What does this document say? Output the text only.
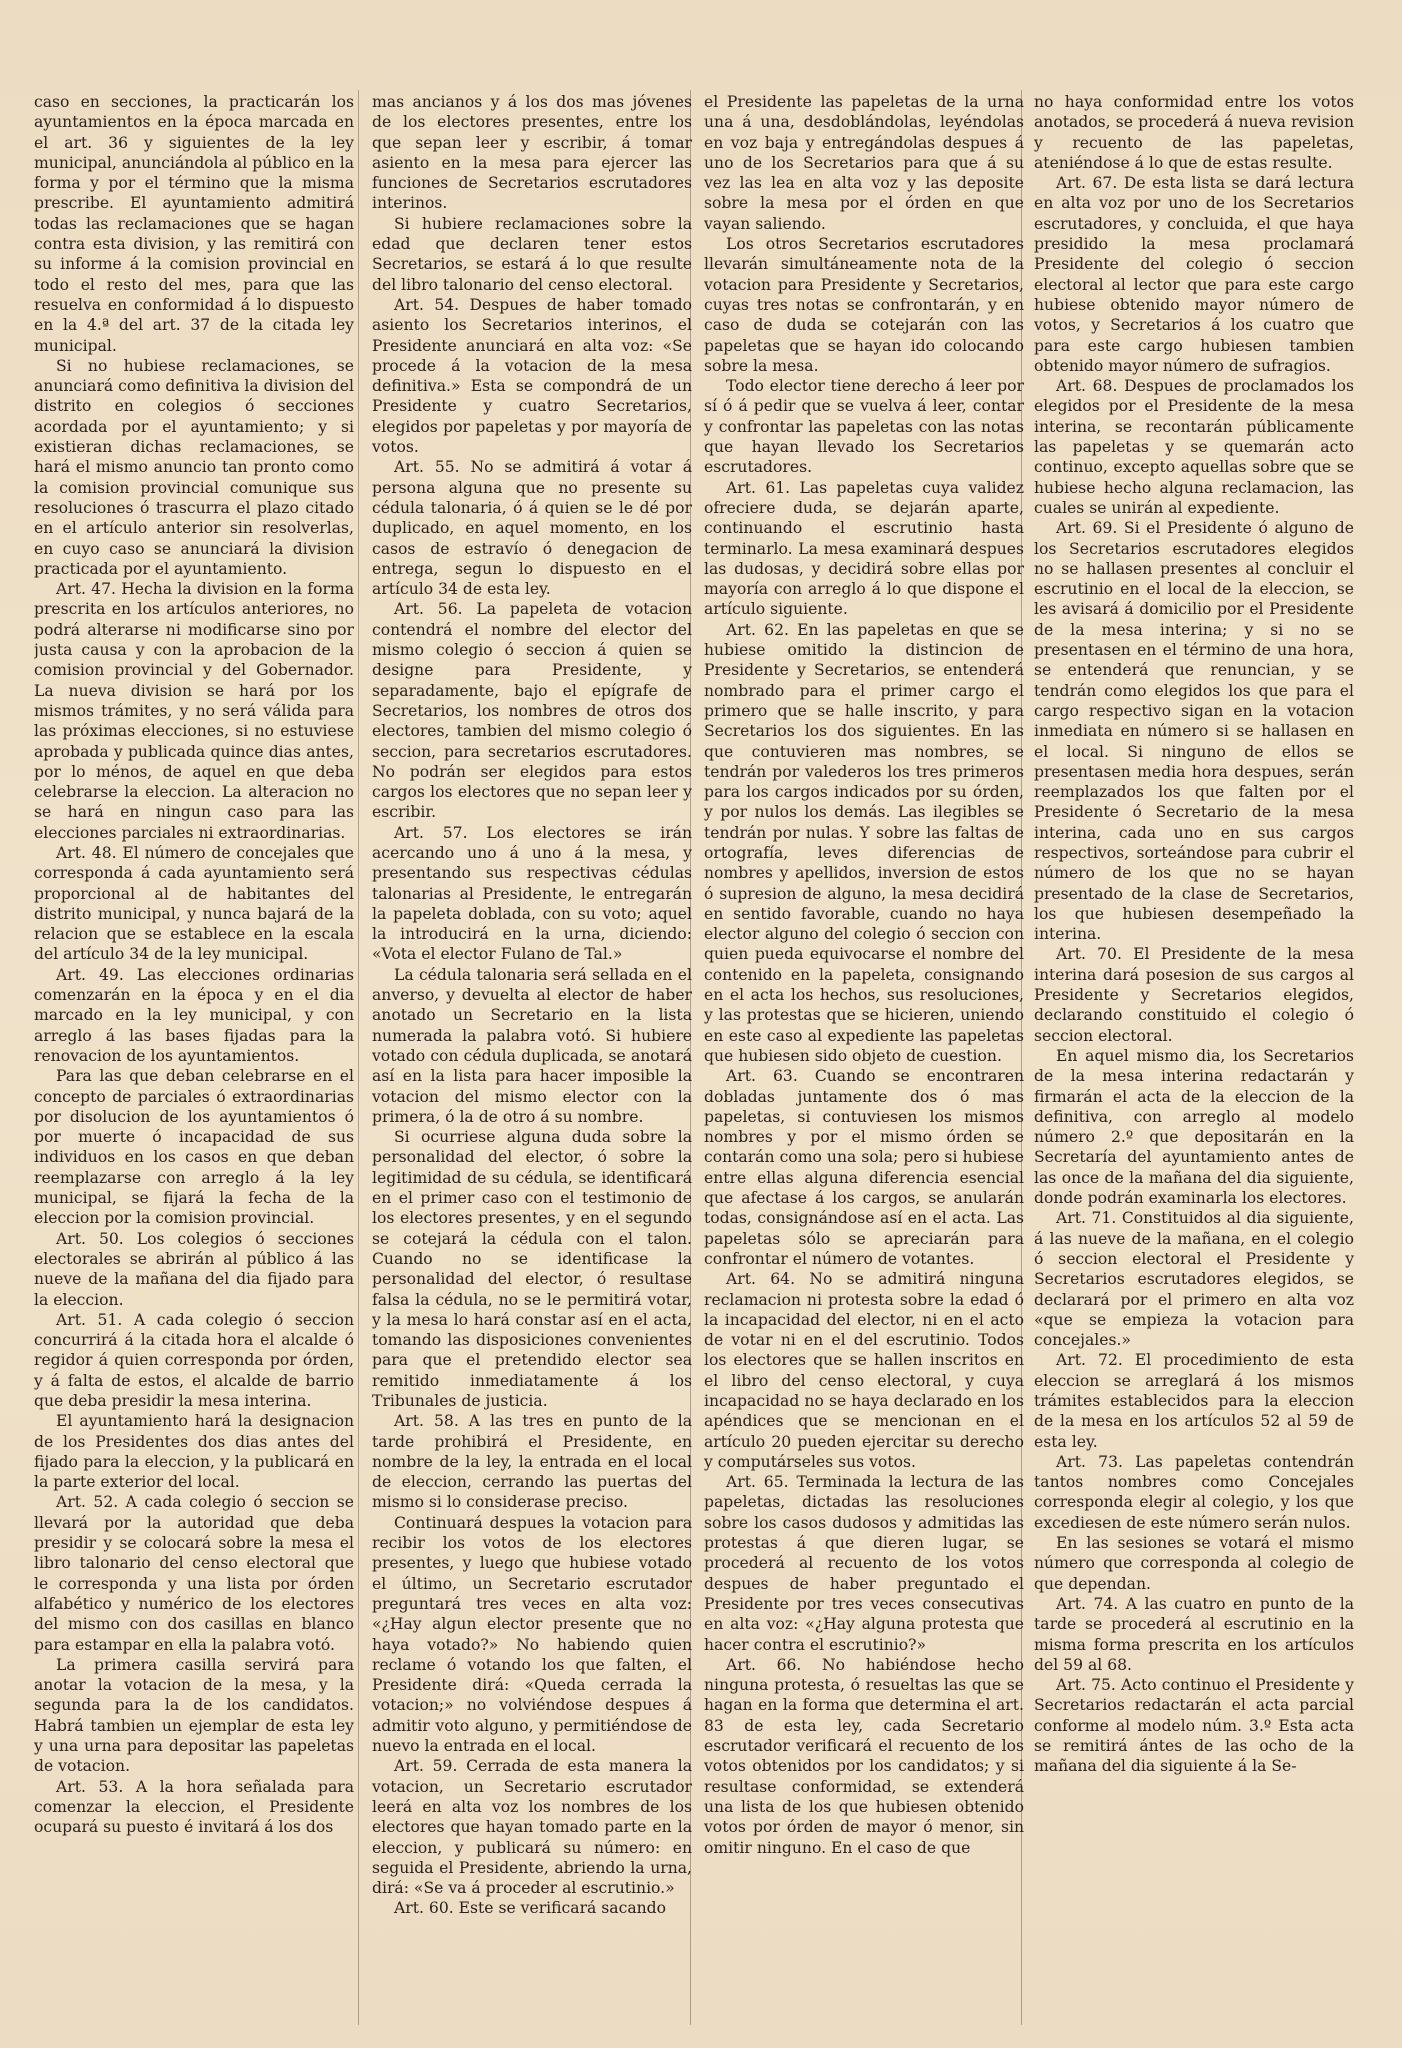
caso en secciones, la practicarán los ayuntamientos en la época marcada en el art. 36 y siguientes de la ley municipal, anunciándola al público en la forma y por el término que la misma prescribe. El ayuntamiento admitirá todas las reclamaciones que se hagan contra esta division, y las remitirá con su informe á la comision provincial en todo el resto del mes, para que las resuelva en conformidad á lo dispuesto en la 4.ª del art. 37 de la citada ley municipal.

Si no hubiese reclamaciones, se anunciará como definitiva la division del distrito en colegios ó secciones acordada por el ayuntamiento; y si existieran dichas reclamaciones, se hará el mismo anuncio tan pronto como la comision provincial comunique sus resoluciones ó trascurra el plazo citado en el artículo anterior sin resolverlas, en cuyo caso se anunciará la division practicada por el ayuntamiento.

Art. 47. Hecha la division en la forma prescrita en los artículos anteriores, no podrá alterarse ni modificarse sino por justa causa y con la aprobacion de la comision provincial y del Gobernador. La nueva division se hará por los mismos trámites, y no será válida para las próximas elecciones, si no estuviese aprobada y publicada quince dias antes, por lo ménos, de aquel en que deba celebrarse la eleccion. La alteracion no se hará en ningun caso para las elecciones parciales ni extraordinarias.

Art. 48. El número de concejales que corresponda á cada ayuntamiento será proporcional al de habitantes del distrito municipal, y nunca bajará de la relacion que se establece en la escala del artículo 34 de la ley municipal.

Art. 49. Las elecciones ordinarias comenzarán en la época y en el dia marcado en la ley municipal, y con arreglo á las bases fijadas para la renovacion de los ayuntamientos.

Para las que deban celebrarse en el concepto de parciales ó extraordinarias por disolucion de los ayuntamientos ó por muerte ó incapacidad de sus individuos en los casos en que deban reemplazarse con arreglo á la ley municipal, se fijará la fecha de la eleccion por la comision provincial.

Art. 50. Los colegios ó secciones electorales se abrirán al público á las nueve de la mañana del dia fijado para la eleccion.

Art. 51. A cada colegio ó seccion concurrirá á la citada hora el alcalde ó regidor á quien corresponda por órden, y á falta de estos, el alcalde de barrio que deba presidir la mesa interina.

El ayuntamiento hará la designacion de los Presidentes dos dias antes del fijado para la eleccion, y la publicará en la parte exterior del local.

Art. 52. A cada colegio ó seccion se llevará por la autoridad que deba presidir y se colocará sobre la mesa el libro talonario del censo electoral que le corresponda y una lista por órden alfabético y numérico de los electores del mismo con dos casillas en blanco para estampar en ella la palabra votó.

La primera casilla servirá para anotar la votacion de la mesa, y la segunda para la de los candidatos. Habrá tambien un ejemplar de esta ley y una urna para depositar las papeletas de votacion.

Art. 53. A la hora señalada para comenzar la eleccion, el Presidente ocupará su puesto é invitará á los dos

mas ancianos y á los dos mas jóvenes de los electores presentes, entre los que sepan leer y escribir, á tomar asiento en la mesa para ejercer las funciones de Secretarios escrutadores interinos.

Si hubiere reclamaciones sobre la edad que declaren tener estos Secretarios, se estará á lo que resulte del libro talonario del censo electoral.

Art. 54. Despues de haber tomado asiento los Secretarios interinos, el Presidente anunciará en alta voz: «Se procede á la votacion de la mesa definitiva.» Esta se compondrá de un Presidente y cuatro Secretarios, elegidos por papeletas y por mayoría de votos.

Art. 55. No se admitirá á votar á persona alguna que no presente su cédula talonaria, ó á quien se le dé por duplicado, en aquel momento, en los casos de estravío ó denegacion de entrega, segun lo dispuesto en el artículo 34 de esta ley.

Art. 56. La papeleta de votacion contendrá el nombre del elector del mismo colegio ó seccion á quien se designe para Presidente, y separadamente, bajo el epígrafe de Secretarios, los nombres de otros dos electores, tambien del mismo colegio ó seccion, para secretarios escrutadores. No podrán ser elegidos para estos cargos los electores que no sepan leer y escribir.

Art. 57. Los electores se irán acercando uno á uno á la mesa, y presentando sus respectivas cédulas talonarias al Presidente, le entregarán la papeleta doblada, con su voto; aquel la introducirá en la urna, diciendo: «Vota el elector Fulano de Tal.»

La cédula talonaria será sellada en el anverso, y devuelta al elector de haber anotado un Secretario en la lista numerada la palabra votó. Si hubiere votado con cédula duplicada, se anotará así en la lista para hacer imposible la votacion del mismo elector con la primera, ó la de otro á su nombre.

Si ocurriese alguna duda sobre la personalidad del elector, ó sobre la legitimidad de su cédula, se identificará en el primer caso con el testimonio de los electores presentes, y en el segundo se cotejará la cédula con el talon. Cuando no se identificase la personalidad del elector, ó resultase falsa la cédula, no se le permitirá votar, y la mesa lo hará constar así en el acta, tomando las disposiciones convenientes para que el pretendido elector sea remitido inmediatamente á los Tribunales de justicia.

Art. 58. A las tres en punto de la tarde prohibirá el Presidente, en nombre de la ley, la entrada en el local de eleccion, cerrando las puertas del mismo si lo considerase preciso.

Continuará despues la votacion para recibir los votos de los electores presentes, y luego que hubiese votado el último, un Secretario escrutador preguntará tres veces en alta voz: «¿Hay algun elector presente que no haya votado?» No habiendo quien reclame ó votando los que falten, el Presidente dirá: «Queda cerrada la votacion;» no volviéndose despues á admitir voto alguno, y permitiéndose de nuevo la entrada en el local.

Art. 59. Cerrada de esta manera la votacion, un Secretario escrutador leerá en alta voz los nombres de los electores que hayan tomado parte en la eleccion, y publicará su número: en seguida el Presidente, abriendo la urna, dirá: «Se va á proceder al escrutinio.»

Art. 60. Este se verificará sacando

el Presidente las papeletas de la urna una á una, desdoblándolas, leyéndolas en voz baja y entregándolas despues á uno de los Secretarios para que á su vez las lea en alta voz y las deposite sobre la mesa por el órden en que vayan saliendo.

Los otros Secretarios escrutadores llevarán simultáneamente nota de la votacion para Presidente y Secretarios, cuyas tres notas se confrontarán, y en caso de duda se cotejarán con las papeletas que se hayan ido colocando sobre la mesa.

Todo elector tiene derecho á leer por sí ó á pedir que se vuelva á leer, contar y confrontar las papeletas con las notas que hayan llevado los Secretarios escrutadores.

Art. 61. Las papeletas cuya validez ofreciere duda, se dejarán aparte, continuando el escrutinio hasta terminarlo. La mesa examinará despues las dudosas, y decidirá sobre ellas por mayoría con arreglo á lo que dispone el artículo siguiente.

Art. 62. En las papeletas en que se hubiese omitido la distincion de Presidente y Secretarios, se entenderá nombrado para el primer cargo el primero que se halle inscrito, y para Secretarios los dos siguientes. En las que contuvieren mas nombres, se tendrán por valederos los tres primeros para los cargos indicados por su órden, y por nulos los demás. Las ilegibles se tendrán por nulas. Y sobre las faltas de ortografía, leves diferencias de nombres y apellidos, inversion de estos ó supresion de alguno, la mesa decidirá en sentido favorable, cuando no haya elector alguno del colegio ó seccion con quien pueda equivocarse el nombre del contenido en la papeleta, consignando en el acta los hechos, sus resoluciones, y las protestas que se hicieren, uniendo en este caso al expediente las papeletas que hubiesen sido objeto de cuestion.

Art. 63. Cuando se encontraren dobladas juntamente dos ó mas papeletas, si contuviesen los mismos nombres y por el mismo órden se contarán como una sola; pero si hubiese entre ellas alguna diferencia esencial que afectase á los cargos, se anularán todas, consignándose así en el acta. Las papeletas sólo se apreciarán para confrontar el número de votantes.

Art. 64. No se admitirá ninguna reclamacion ni protesta sobre la edad ó la incapacidad del elector, ni en el acto de votar ni en el del escrutinio. Todos los electores que se hallen inscritos en el libro del censo electoral, y cuya incapacidad no se haya declarado en los apéndices que se mencionan en el artículo 20 pueden ejercitar su derecho y computárseles sus votos.

Art. 65. Terminada la lectura de las papeletas, dictadas las resoluciones sobre los casos dudosos y admitidas las protestas á que dieren lugar, se procederá al recuento de los votos despues de haber preguntado el Presidente por tres veces consecutivas en alta voz: «¿Hay alguna protesta que hacer contra el escrutinio?»

Art. 66. No habiéndose hecho ninguna protesta, ó resueltas las que se hagan en la forma que determina el art. 83 de esta ley, cada Secretario escrutador verificará el recuento de los votos obtenidos por los candidatos; y si resultase conformidad, se extenderá una lista de los que hubiesen obtenido votos por órden de mayor ó menor, sin omitir ninguno. En el caso de que

no haya conformidad entre los votos anotados, se procederá á nueva revision y recuento de las papeletas, ateniéndose á lo que de estas resulte.

Art. 67. De esta lista se dará lectura en alta voz por uno de los Secretarios escrutadores, y concluida, el que haya presidido la mesa proclamará Presidente del colegio ó seccion electoral al lector que para este cargo hubiese obtenido mayor número de votos, y Secretarios á los cuatro que para este cargo hubiesen tambien obtenido mayor número de sufragios.

Art. 68. Despues de proclamados los elegidos por el Presidente de la mesa interina, se recontarán públicamente las papeletas y se quemarán acto continuo, excepto aquellas sobre que se hubiese hecho alguna reclamacion, las cuales se unirán al expediente.

Art. 69. Si el Presidente ó alguno de los Secretarios escrutadores elegidos no se hallasen presentes al concluir el escrutinio en el local de la eleccion, se les avisará á domicilio por el Presidente de la mesa interina; y si no se presentasen en el término de una hora, se entenderá que renuncian, y se tendrán como elegidos los que para el cargo respectivo sigan en la votacion inmediata en número si se hallasen en el local. Si ninguno de ellos se presentasen media hora despues, serán reemplazados los que falten por el Presidente ó Secretario de la mesa interina, cada uno en sus cargos respectivos, sorteándose para cubrir el número de los que no se hayan presentado de la clase de Secretarios, los que hubiesen desempeñado la interina.

Art. 70. El Presidente de la mesa interina dará posesion de sus cargos al Presidente y Secretarios elegidos, declarando constituido el colegio ó seccion electoral.

En aquel mismo dia, los Secretarios de la mesa interina redactarán y firmarán el acta de la eleccion de la definitiva, con arreglo al modelo número 2.º que depositarán en la Secretaría del ayuntamiento antes de las once de la mañana del dia siguiente, donde podrán examinarla los electores.

Art. 71. Constituidos al dia siguiente, á las nueve de la mañana, en el colegio ó seccion electoral el Presidente y Secretarios escrutadores elegidos, se declarará por el primero en alta voz «que se empieza la votacion para concejales.»

Art. 72. El procedimiento de esta eleccion se arreglará á los mismos trámites establecidos para la eleccion de la mesa en los artículos 52 al 59 de esta ley.

Art. 73. Las papeletas contendrán tantos nombres como Concejales corresponda elegir al colegio, y los que excediesen de este número serán nulos.

En las sesiones se votará el mismo número que corresponda al colegio de que dependan.

Art. 74. A las cuatro en punto de la tarde se procederá al escrutinio en la misma forma prescrita en los artículos del 59 al 68.

Art. 75. Acto continuo el Presidente y Secretarios redactarán el acta parcial conforme al modelo núm. 3.º Esta acta se remitirá ántes de las ocho de la mañana del dia siguiente á la Se-
